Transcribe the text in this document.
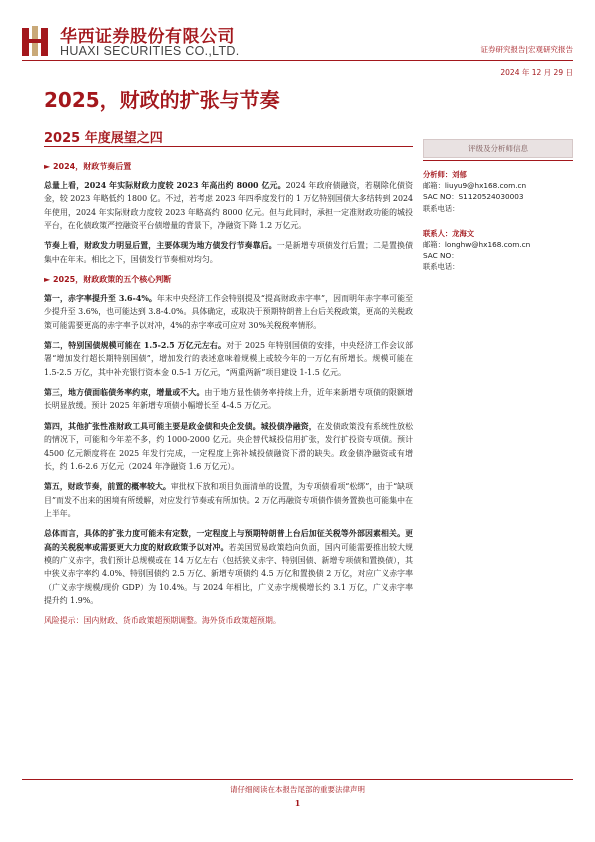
华西证券股份有限公司
HUAXI SECURITIES CO.,LTD.	证券研究报告|宏观研究报告
2024 年 12 月 29 日
2025，财政的扩张与节奏
2025 年度展望之四
► 2024，财政节奏后置

总量上看，2024 年实际财政力度较 2023 年高出约 8000 亿元。2024 年政府债融资，若剔除化债资金，较 2023 年略低约 1800 亿。不过，若考虑 2023 年四季度发行的 1 万亿特别国债大多结转到 2024 年使用，2024 年实际财政力度较 2023 年略高约 8000 亿元。但与此同时，承担一定准财政功能的城投平台，在化债政策严控融资平台债增量的背景下，净融资下降 1.2 万亿元。

节奏上看，财政发力明显后置，主要体现为地方债发行节奏靠后。一是新增专项债发行后置；二是置换债集中在年末。相比之下，国债发行节奏相对均匀。

► 2025，财政政策的五个核心判断

第一，赤字率提升至 3.6-4%。年末中央经济工作会特别提及“提高财政赤字率”，因而明年赤字率可能至少提升至 3.6%，也可能达到 3.8-4.0%。具体确定，或取决于预期特朗普上台后关税政策，更高的关税政策可能需要更高的赤字率予以对冲，4%的赤字率或可应对 30%关税税率情形。

第二，特别国债规模可能在 1.5-2.5 万亿元左右。对于 2025 年特别国债的安排，中央经济工作会议部署“增加发行超长期特别国债”，增加发行的表述意味着规模上或较今年的一万亿有所增长。规模可能在 1.5-2.5 万亿，其中补充银行资本金 0.5-1 万亿元，“两重两新”项目建设 1-1.5 亿元。

第三，地方债面临债务率约束，增量或不大。由于地方显性债务率持续上升，近年来新增专项债的限额增长明显放缓。预计 2025 年新增专项债小幅增长至 4-4.5 万亿元。

第四，其他扩张性准财政工具可能主要是政金债和央企发债。城投债净融资，在发债政策没有系统性放松的情况下，可能和今年差不多，约 1000-2000 亿元。央企替代城投信用扩张，发行扩投资专项债。预计 4500 亿元额度将在 2025 年发行完成，一定程度上弥补城投债融资下滑的缺失。政金债净融资或有增长，约 1.6-2.6 万亿元（2024 年净融资 1.6 万亿元）。

第五，财政节奏，前置的概率较大。审批权下放和项目负面清单的设置，为专项债看项“松绑”，由于“缺项目”而发不出来的困境有所缓解，对应发行节奏或有所加快。2 万亿再融资专项债作债务置换也可能集中在上半年。

总体而言，具体的扩张力度可能未有定数，一定程度上与预期特朗普上台后加征关税等外部因素相关。更高的关税税率或需要更大力度的财政政策予以对冲。若美国贸易政策趋向负面，国内可能需要推出较大规模的广义赤字，我们预计总规模或在 14 万亿左右（包括狭义赤字、特别国债、新增专项债和置换债），其中狭义赤字率约 4.0%、特别国债约 2.5 万亿、新增专项债约 4.5 万亿和置换债 2 万亿，对应广义赤字率（广义赤字规模/现价 GDP）为 10.4%。与 2024 年相比，广义赤字规模增长约 3.1 万亿，广义赤字率提升约 1.9%。

风险提示：国内财政、货币政策超预期调整。海外货币政策超预期。

评级及分析师信息
分析师：刘郁
邮箱：liuyu9@hx168.com.cn
SAC NO：S1120524030003
联系电话：
联系人：龙海文
邮箱：longhw@hx168.com.cn
SAC NO：
联系电话：
请仔细阅读在本报告尾部的重要法律声明
1
